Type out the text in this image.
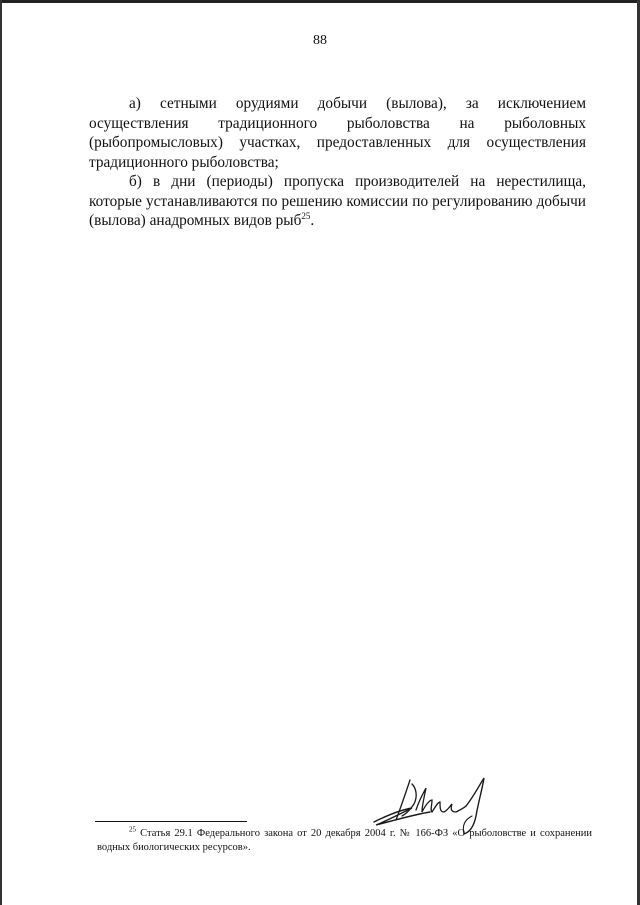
88

а) сетными орудиями добычи (вылова), за исключением осуществления традиционного рыболовства на рыболовных (рыбопромысловых) участках, предоставленных для осуществления традиционного рыболовства;

б) в дни (периоды) пропуска производителей на нерестилища, которые устанавливаются по решению комиссии по регулированию добычи (вылова) анадромных видов рыб$^{25}$.

$^{25}$ Статья 29.1 Федерального закона от 20 декабря 2004 г. № 166-ФЗ «О рыболовстве и сохранении водных биологических ресурсов».
